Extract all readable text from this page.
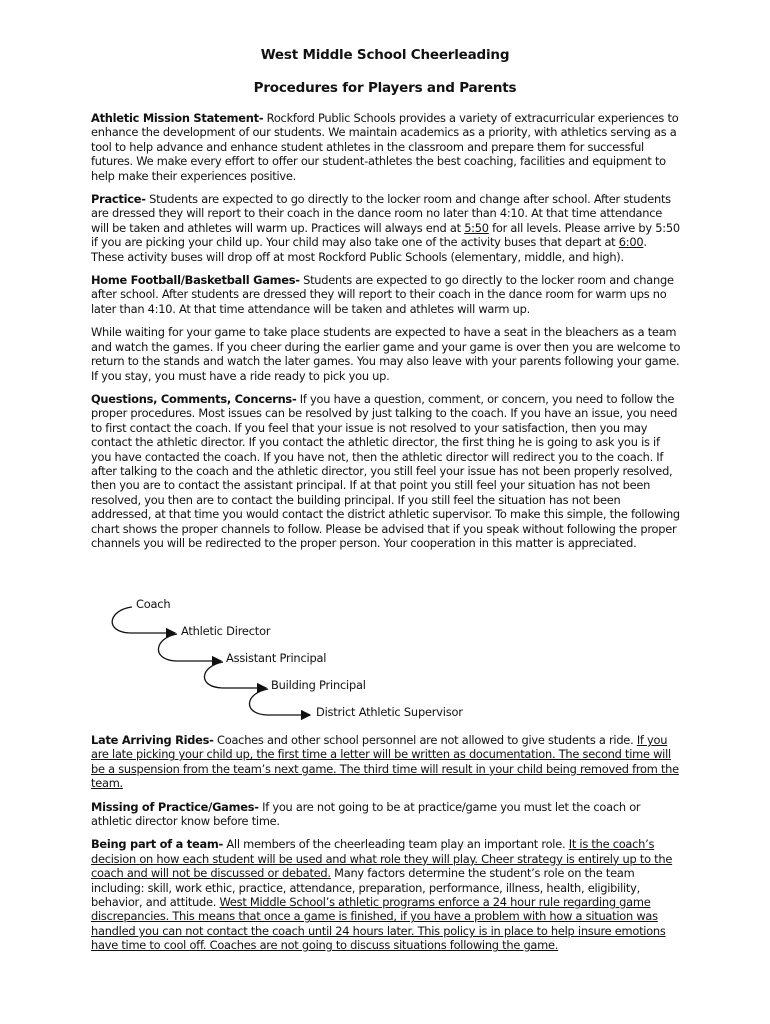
West Middle School Cheerleading
Procedures for Players and Parents

Athletic Mission Statement- Rockford Public Schools provides a variety of extracurricular experiences to enhance the development of our students. We maintain academics as a priority, with athletics serving as a tool to help advance and enhance student athletes in the classroom and prepare them for successful futures. We make every effort to offer our student-athletes the best coaching, facilities and equipment to help make their experiences positive.

Practice- Students are expected to go directly to the locker room and change after school. After students are dressed they will report to their coach in the dance room no later than 4:10. At that time attendance will be taken and athletes will warm up. Practices will always end at 5:50 for all levels. Please arrive by 5:50 if you are picking your child up. Your child may also take one of the activity buses that depart at 6:00. These activity buses will drop off at most Rockford Public Schools (elementary, middle, and high).

Home Football/Basketball Games- Students are expected to go directly to the locker room and change after school. After students are dressed they will report to their coach in the dance room for warm ups no later than 4:10. At that time attendance will be taken and athletes will warm up.

While waiting for your game to take place students are expected to have a seat in the bleachers as a team and watch the games. If you cheer during the earlier game and your game is over then you are welcome to return to the stands and watch the later games. You may also leave with your parents following your game. If you stay, you must have a ride ready to pick you up.

Questions, Comments, Concerns- If you have a question, comment, or concern, you need to follow the proper procedures. Most issues can be resolved by just talking to the coach. If you have an issue, you need to first contact the coach. If you feel that your issue is not resolved to your satisfaction, then you may contact the athletic director. If you contact the athletic director, the first thing he is going to ask you is if you have contacted the coach. If you have not, then the athletic director will redirect you to the coach. If after talking to the coach and the athletic director, you still feel your issue has not been properly resolved, then you are to contact the assistant principal. If at that point you still feel your situation has not been resolved, you then are to contact the building principal. If you still feel the situation has not been addressed, at that time you would contact the district athletic supervisor. To make this simple, the following chart shows the proper channels to follow. Please be advised that if you speak without following the proper channels you will be redirected to the proper person. Your cooperation in this matter is appreciated.

Coach
Athletic Director
Assistant Principal
Building Principal
District Athletic Supervisor

Late Arriving Rides- Coaches and other school personnel are not allowed to give students a ride. If you are late picking your child up, the first time a letter will be written as documentation. The second time will be a suspension from the team’s next game. The third time will result in your child being removed from the team.

Missing of Practice/Games- If you are not going to be at practice/game you must let the coach or athletic director know before time.

Being part of a team- All members of the cheerleading team play an important role. It is the coach’s decision on how each student will be used and what role they will play. Cheer strategy is entirely up to the coach and will not be discussed or debated. Many factors determine the student’s role on the team including: skill, work ethic, practice, attendance, preparation, performance, illness, health, eligibility, behavior, and attitude. West Middle School’s athletic programs enforce a 24 hour rule regarding game discrepancies. This means that once a game is finished, if you have a problem with how a situation was handled you can not contact the coach until 24 hours later. This policy is in place to help insure emotions have time to cool off. Coaches are not going to discuss situations following the game.
